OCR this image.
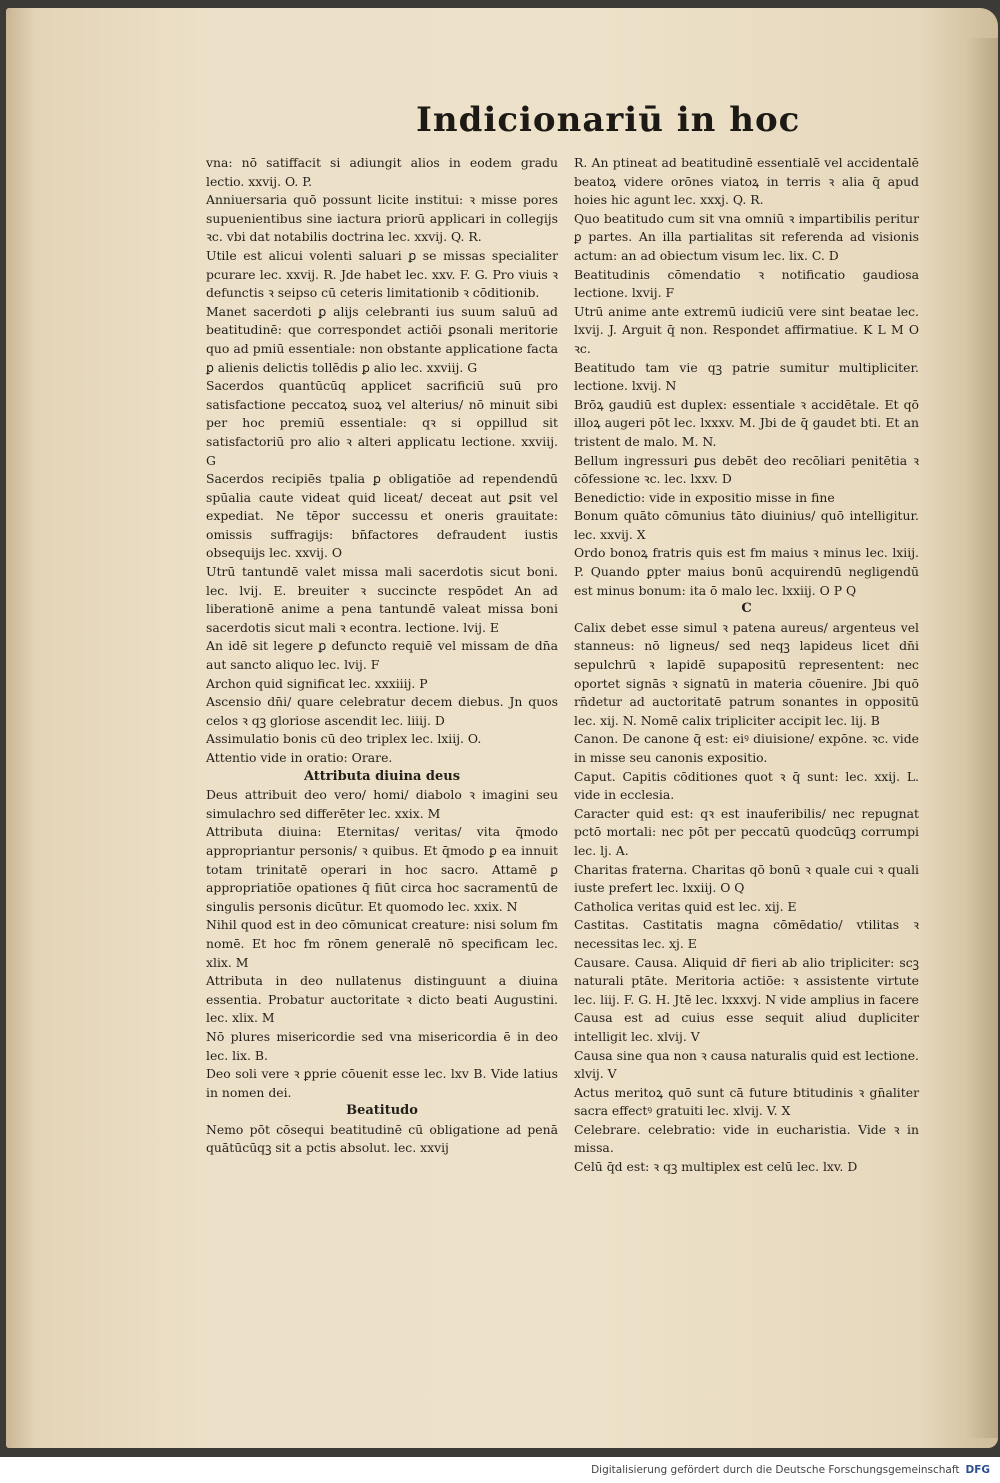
Indicionariū in hoc

vna: nō satiffacit si adiungit alios in eodem gradu lectio. xxvij. O. P.

Anniuersaria quō possunt licite institui: ꝛ misse pores supuenientibus sine iactura priorū applicari in collegijs ꝛc. vbi dat notabilis doctrina lec. xxvij. Q. R.

Utile est alicui volenti saluari ꝑ se missas specialiter pcurare lec. xxvij. R. Jde habet lec. xxv. F. G. Pro viuis ꝛ defunctis ꝛ seipso cū ceteris limitationib ꝛ cōditionib.

Manet sacerdoti ꝑ alijs celebranti ius suum saluū ad beatitudinē: que correspondet actiōi ꝑsonali meritorie quo ad pmiū essentiale: non obstante applicatione facta ꝑ alienis delictis tollēdis ꝑ alio lec. xxviij. G

Sacerdos quantūcūq applicet sacrificiū suū pro satisfactione peccatoꝝ suoꝝ vel alterius/ nō minuit sibi per hoc premiū essentiale: qꝛ si oppillud sit satisfactoriū pro alio ꝛ alteri applicatu lectione. xxviij. G

Sacerdos recipiēs tpalia ꝑ obligatiōe ad rependendū spūalia caute videat quid liceat/ deceat aut ꝑsit vel expediat. Ne tēpor successu et oneris grauitate: omissis suffragijs: bn̄factores defraudent iustis obsequijs lec. xxvij. O

Utrū tantundē valet missa mali sacerdotis sicut boni. lec. lvij. E. breuiter ꝛ succincte respōdet An ad liberationē anime a pena tantundē valeat missa boni sacerdotis sicut mali ꝛ econtra. lectione. lvij. E

An idē sit legere ꝑ defuncto requiē vel missam de dn̄a aut sancto aliquo lec. lvij. F

Archon quid significat lec. xxxiiij. P

Ascensio dn̄i/ quare celebratur decem diebus. Jn quos celos ꝛ qꝫ gloriose ascendit lec. liiij. D

Assimulatio bonis cū deo triplex lec. lxiij. O.

Attentio vide in oratio: Orare.

Attributa diuina deus

Deus attribuit deo vero/ homi/ diabolo ꝛ imagini seu simulachro sed differēter lec. xxix. M

Attributa diuina: Eternitas/ veritas/ vita q̄modo appropriantur personis/ ꝛ quibus. Et q̄modo ꝑ ea innuit totam trinitatē operari in hoc sacro. Attamē ꝑ appropriatiōe opationes q̄ fiūt circa hoc sacramentū de singulis personis dicūtur. Et quomodo lec. xxix. N

Nihil quod est in deo cōmunicat creature: nisi solum fm nomē. Et hoc fm rōnem generalē nō specificam lec. xlix. M

Attributa in deo nullatenus distinguunt a diuina essentia. Probatur auctoritate ꝛ dicto beati Augustini. lec. xlix. M

Nō plures misericordie sed vna misericordia ē in deo lec. lix. B.

Deo soli vere ꝛ ꝑprie cōuenit esse lec. lxv B. Vide latius in nomen dei.

Beatitudo

Nemo pōt cōsequi beatitudinē cū obligatione ad penā quātūcūqꝫ sit a pctis absolut. lec. xxvij

R. An ptineat ad beatitudinē essentialē vel accidentalē beatoꝝ videre orōnes viatoꝝ in terris ꝛ alia q̄ apud hoies hic agunt lec. xxxj. Q. R.

Quo beatitudo cum sit vna omniū ꝛ impartibilis peritur ꝑ partes. An illa partialitas sit referenda ad visionis actum: an ad obiectum visum lec. lix. C. D

Beatitudinis cōmendatio ꝛ notificatio gaudiosa lectione. lxvij. F

Utrū anime ante extremū iudiciū vere sint beatae lec. lxvij. J. Arguit q̄ non. Respondet affirmatiue. K L M O ꝛc.

Beatitudo tam vie qꝫ patrie sumitur multipliciter. lectione. lxvij. N

Brōꝝ gaudiū est duplex: essentiale ꝛ accidētale. Et qō illoꝝ augeri pōt lec. lxxxv. M. Jbi de q̄ gaudet bti. Et an tristent de malo. M. N.

Bellum ingressuri ꝑus debēt deo recōliari penitētia ꝛ cōfessione ꝛc. lec. lxxv. D

Benedictio: vide in expositio misse in fine

Bonum quāto cōmunius tāto diuinius/ quō intelligitur. lec. xxvij. X

Ordo bonoꝝ fratris quis est fm maius ꝛ minus lec. lxiij. P. Quando ꝑpter maius bonū acquirendū negligendū est minus bonum: ita ō malo lec. lxxiij. O P Q

C

Calix debet esse simul ꝛ patena aureus/ argenteus vel stanneus: nō ligneus/ sed neqꝫ lapideus licet dn̄i sepulchrū ꝛ lapidē supapositū representent: nec oportet signās ꝛ signatū in materia cōuenire. Jbi quō rn̄detur ad auctoritatē patrum sonantes in oppositū lec. xij. N. Nomē calix tripliciter accipit lec. lij. B

Canon. De canone q̄ est: eiꝰ diuisione/ expōne. ꝛc. vide in misse seu canonis expositio.

Caput. Capitis cōditiones quot ꝛ q̄ sunt: lec. xxij. L. vide in ecclesia.

Caracter quid est: qꝛ est inauferibilis/ nec repugnat pctō mortali: nec pōt per peccatū quodcūqꝫ corrumpi lec. lj. A.

Charitas fraterna. Charitas qō bonū ꝛ quale cui ꝛ quali iuste prefert lec. lxxiij. O Q

Catholica veritas quid est lec. xij. E

Castitas. Castitatis magna cōmēdatio/ vtilitas ꝛ necessitas lec. xj. E

Causare. Causa. Aliquid dr̄ fieri ab alio tripliciter: scꝫ naturali ptāte. Meritoria actiōe: ꝛ assistente virtute lec. liij. F. G. H. Jtē lec. lxxxvj. N vide amplius in facere

Causa est ad cuius esse sequit aliud dupliciter intelligit lec. xlvij. V

Causa sine qua non ꝛ causa naturalis quid est lectione. xlvij. V

Actus meritoꝝ quō sunt cā future btitudinis ꝛ gn̄aliter sacra effectꝰ gratuiti lec. xlvij. V. X

Celebrare. celebratio: vide in eucharistia. Vide ꝛ in missa.

Celū q̄d est: ꝛ qꝫ multiplex est celū lec. lxv. D

Digitalisierung gefördert durch die Deutsche Forschungsgemeinschaft DFG
